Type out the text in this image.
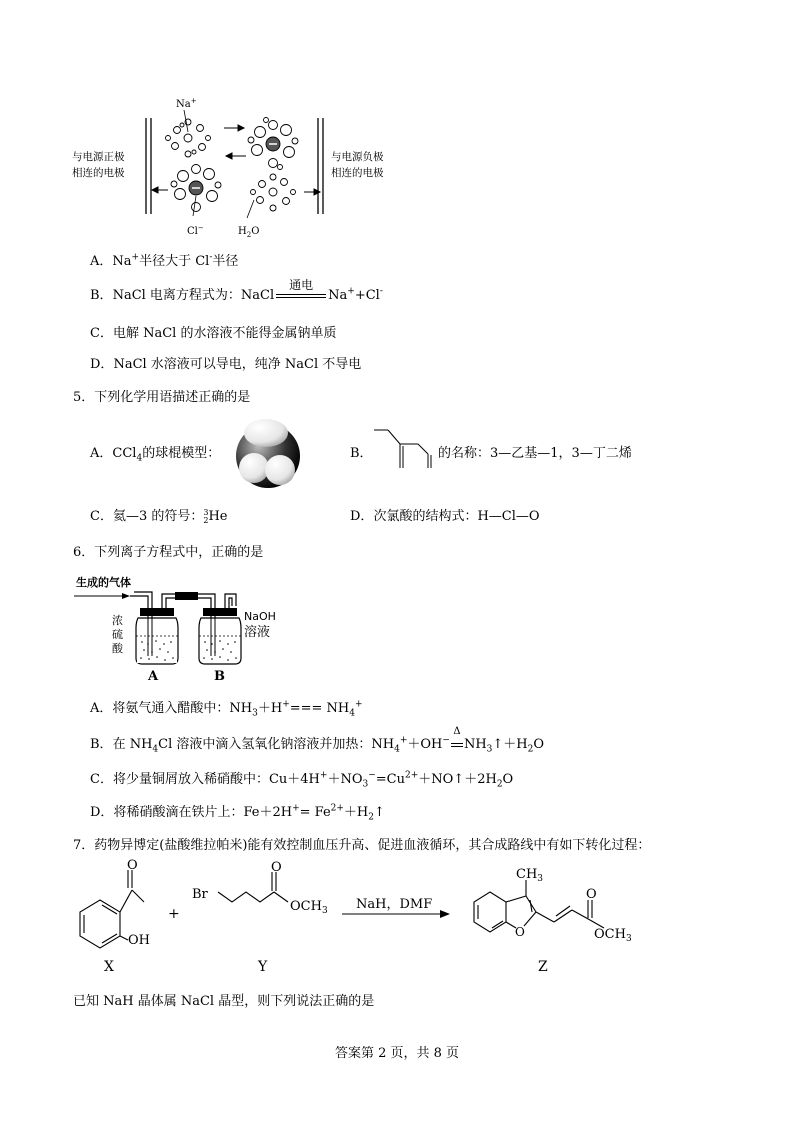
Na+
Cl−	$H_2O$
与电源正极
相连的电极
与电源负极
相连的电极
A．Na+半径大于 Cl-半径
B．NaCl 电离方程式为：NaCl
通电
Na++Cl-
C．电解 NaCl 的水溶液不能得金属钠单质
D．NaCl 水溶液可以导电，纯净 NaCl 不导电
5．下列化学用语描述正确的是
A．CCl$_4$的球棍模型：	B．	的名称：3—乙基—1，3—丁二烯
C．氦—3 的符号： 3
2 He	D．次氯酸的结构式：H—Cl—O
6．下列离子方程式中，正确的是
生成的气体
浓
硫
酸
NaOH
溶液
A	B
A．将氨气通入醋酸中：$NH_3+H^+=== NH_4^+$
B．在 $NH_4Cl$ 溶液中滴入氢氧化钠溶液并加热：$NH_4^++OH^-$
Δ
$NH_3↑+H_2O$
C．将少量铜屑放入稀硝酸中：$Cu+4H^++NO_3^-=Cu^{2+}+NO↑+2H_2O$
D．将稀硝酸滴在铁片上：$Fe+2H^+= Fe^{2+}+H_2↑$
7．药物异博定(盐酸维拉帕米)能有效控制血压升高、促进血液循环，其合成路线中有如下转化过程：
O
OH
+
Br
O
$OCH_3$ NaH，DMF
O
$CH_3$
O
$OCH_3$
X	Y	Z
已知 NaH 晶体属 NaCl 晶型，则下列说法正确的是
答案第 2 页，共 8 页
